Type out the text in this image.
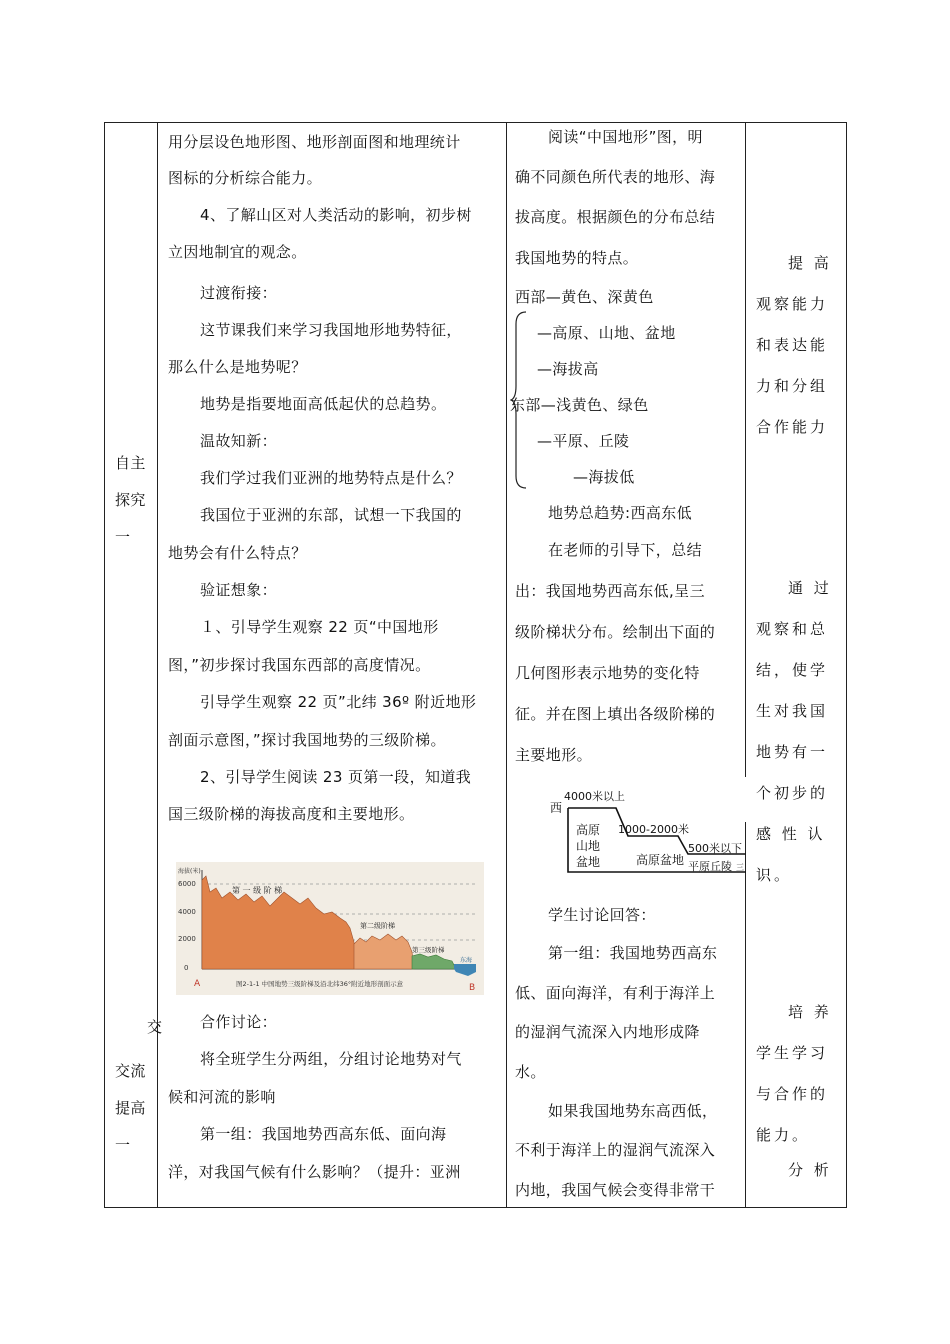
自主
探究
一
交
交流
提高
一
用分层设色地形图、地形剖面图和地理统计
图标的分析综合能力。
4、了解山区对人类活动的影响，初步树
立因地制宜的观念。
过渡衔接：
这节课我们来学习我国地形地势特征，
那么什么是地势呢？
地势是指要地面高低起伏的总趋势。
温故知新：
我们学过我们亚洲的地势特点是什么？
我国位于亚洲的东部，试想一下我国的
地势会有什么特点？
验证想象：
１、引导学生观察 22 页“中国地形
图，”初步探讨我国东西部的高度情况。
引导学生观察 22 页”北纬 36º 附近地形
剖面示意图，”探讨我国地势的三级阶梯。
2、引导学生阅读 23 页第一段，知道我
国三级阶梯的海拔高度和主要地形。
海拔(米)
6000
4000
2000
0
第 一 级 阶 梯
第二级阶梯
第三级阶梯
东海
A	B
图2-1-1 中国地势三级阶梯及沿北纬36°附近地形剖面示意
合作讨论：
将全班学生分两组，分组讨论地势对气
候和河流的影响
第一组：我国地势西高东低、面向海
洋，对我国气候有什么影响？（提升：亚洲
阅读“中国地形”图，明
确不同颜色所代表的地形、海
拔高度。根据颜色的分布总结
我国地势的特点。
西部—黄色、深黄色
—高原、山地、盆地
—海拔高
东部—浅黄色、绿色
—平原、丘陵
—海拔低
地势总趋势:西高东低
在老师的引导下，总结
出：我国地势西高东低,呈三
级阶梯状分布。绘制出下面的
几何图形表示地势的变化特
征。并在图上填出各级阶梯的
主要地形。
西
4000米以上
高原
山地
盆地
1000-2000米
高原盆地
500米以下
平原丘陵 三
学生讨论回答：
第一组：我国地势西高东
低、面向海洋，有利于海洋上
的湿润气流深入内地形成降
水。
如果我国地势东高西低，
不利于海洋上的湿润气流深入
内地，我国气候会变得非常干
提 高
观察能力
和表达能
力和分组
合作能力
通 过
观察和总
结，使学
生对我国
地势有一
个初步的
感 性 认
识。
培 养
学生学习
与合作的
能力。
分 析
